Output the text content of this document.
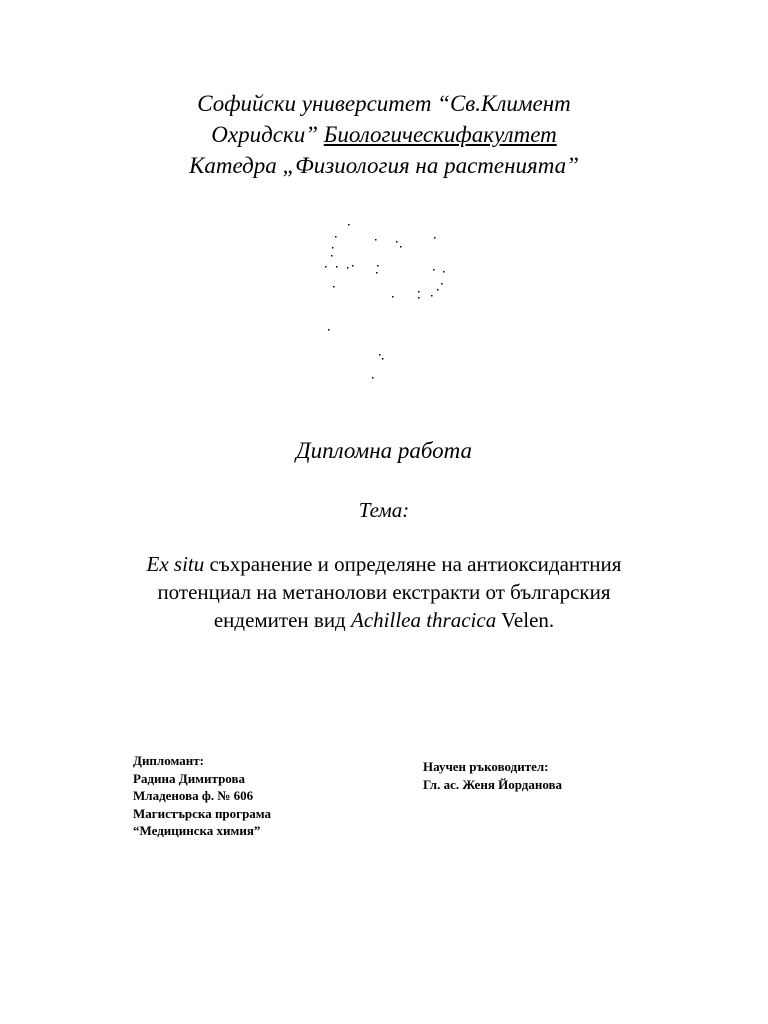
Софийски университет “Св.Климент
Охридски” Биологическифакултет
Катедра „Физиология на растенията”
Дипломна работа
Тема:
Ex situ съхранение и определяне на антиоксидантния
потенциал на метанолови екстракти от българския
ендемитен вид Achillea thracica Velen.
Дипломант:
Радина Димитрова
Младенова ф. № 606
Магистърска програма
“Медицинска химия”
Научен ръководител:
Гл. ас. Женя Йорданова
